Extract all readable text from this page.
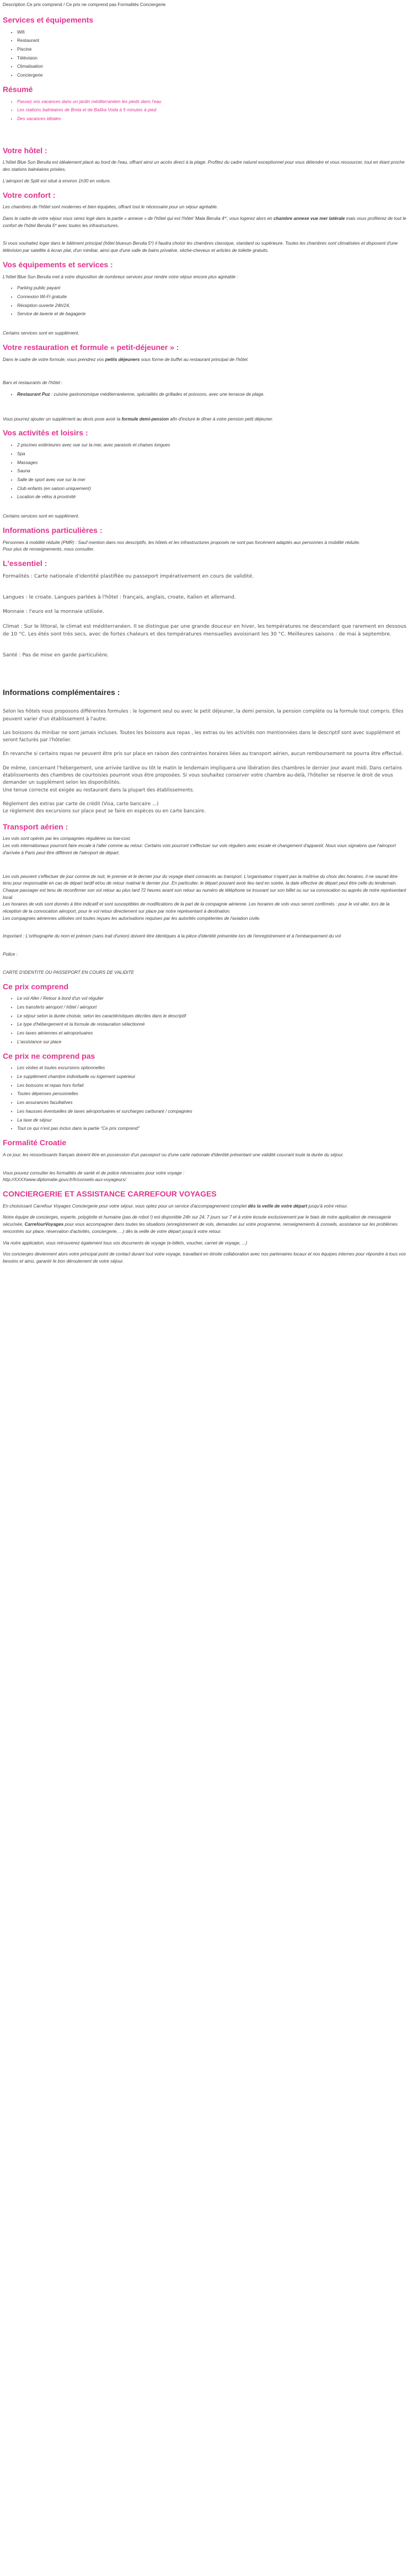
Description Ce prix comprend / Ce prix ne comprend pas Formalités Conciergerie

Services et équipements
• Wifi
• Restaurant
• Piscine
• Télévision
• Climatisation
• Conciergerie
Résumé
• Passez vos vacances dans un jardin méditerranéen les pieds dans l'eau
• Les stations balnéaires de Brela et de Baška Voda à 5 minutes à pied
• Des vacances idéales
Votre hôtel :

L'hôtel Blue Sun Berulia est idéalement placé au bord de l'eau, offrant ainsi un accès direct à la plage. Profitez du cadre naturel exceptionnel pour vous détendre et vous ressourcer, tout en étant proche des stations balnéaires prisées.

L'aéroport de Split est situé à environ 1h30 en voiture.

Votre confort :

Les chambres de l'hôtel sont modernes et bien équipées, offrant tout le nécessaire pour un séjour agréable.

Dans le cadre de votre séjour vous serez logé dans la partie « annexe » de l'hôtel qui est l'hôtel 'Mala Berulia 4*', vous logerez alors en chambre annexe vue mer latérale mais vous profiterez de tout le confort de l'hôtel Berulia 5* avec toutes les infrastructures.

Si vous souhaitez loger dans le bâtiment principal (hôtel bluesun Berulia 5*) il faudra choisir les chambres classique, standard ou supérieure. Toutes les chambres sont climatisées et disposent d'une télévision par satellite à écran plat, d'un minibar, ainsi que d'une salle de bains privative, sèche-cheveux et articles de toilette gratuits.

Vos équipements et services :

L'hôtel Blue Sun Berulia met à votre disposition de nombreux services pour rendre votre séjour encore plus agréable :

• Parking public payant
• Connexion Wi-Fi gratuite
• Réception ouverte 24h/24,
• Service de laverie et de bagagerie

Certains services sont en supplément.

Votre restauration et formule « petit-déjeuner » :

Dans le cadre de votre formule, vous prendrez vos petits déjeuners sous forme de buffet au restaurant principal de l'hôtel.

Bars et restaurants de l'hôtel :

• Restaurant Puz : cuisine gastronomique méditerranéenne, spécialités de grillades et poissons, avec une terrasse de plage.

Vous pourrez ajouter un supplément au devis pose avoir la formule demi-pension afin d'inclure le dîner à votre pension petit déjeuner.

Vos activités et loisirs :
• 2 piscines extérieures avec vue sur la mer, avec parasols et chaises longues
• Spa
• Massages
• Sauna
• Salle de sport avec vue sur la mer
• Club enfants (en saison uniquement)
• Location de vélos à proximité

Certains services sont en supplément.

Informations particulières :

Personnes à mobilité réduite (PMR) : Sauf mention dans nos descriptifs, les hôtels et les infrastructures proposés ne sont pas forcément adaptés aux personnes à mobilité réduite.

Pour plus de renseignements, nous consulter.

L'essentiel :

Formalités : Carte nationale d'identité plastifiée ou passeport impérativement en cours de validité.

Langues : le croate. Langues parlées à l'hôtel : français, anglais, croate, italien et allemand.

Monnaie : l'euro est la monnaie utilisée.

Climat : Sur le littoral, le climat est méditerranéen. Il se distingue par une grande douceur en hiver, les températures ne descendant que rarement en dessous de 10 °C. Les étés sont très secs, avec de fortes chaleurs et des températures mensuelles avoisinant les 30 °C. Meilleures saisons : de mai à septembre.

Santé : Pas de mise en garde particulière.

Informations complémentaires :

Selon les hôtels nous proposons différentes formules : le logement seul ou avec le petit déjeuner, la demi pension, la pension complète ou la formule tout compris. Elles peuvent varier d'un établissement à l'autre.

Les boissons du minibar ne sont jamais incluses. Toutes les boissons aux repas , les extras ou les activités non mentionnées dans le descriptif sont avec supplément et seront facturés par l'hôtelier.

En revanche si certains repas ne peuvent être pris sur place en raison des contraintes horaires liées au transport aérien, aucun remboursement ne pourra être effectué.

De même, concernant l'hébergement, une arrivée tardive ou tôt le matin le lendemain impliquera une libération des chambres le dernier jour avant midi. Dans certains établissements des chambres de courtoisies pourront vous être proposées. Si vous souhaitez conserver votre chambre au-delà, l'hôtelier se réserve le droit de vous demander un supplément selon les disponibilités.

Une tenue correcte est exigée au restaurant dans la plupart des établissements.

Règlement des extras par carte de crédit (Visa, carte bancaire ...)

Le règlement des excursions sur place peut se faire en espèces ou en carte bancaire.

Transport aérien :

Les vols sont opérés par les compagnies régulières ou low-cost.

Les vols internationaux pourront faire escale à l'aller comme au retour. Certains vols pourront s'effectuer sur vols réguliers avec escale et changement d'appareil. Nous vous signalons que l'aéroport d'arrivée à Paris peut être différent de l'aéroport de départ.

Les vols peuvent s'effectuer de jour comme de nuit, le premier et le dernier jour du voyage étant consacrés au transport. L'organisateur n'ayant pas la maîtrise du choix des horaires, il ne saurait être tenu pour responsable en cas de départ tardif et/ou de retour matinal le dernier jour. En particulier, le départ pouvant avoir lieu tard en soirée, la date effective de départ peut être celle du lendemain.

Chaque passager est tenu de reconfirmer son vol retour au plus tard 72 heures avant son retour au numéro de téléphone se trouvant sur son billet ou sur sa convocation ou auprès de notre représentant local.

Les horaires de vols sont donnés à titre indicatif et sont susceptibles de modifications de la part de la compagnie aérienne. Les horaires de vols vous seront confirmés : pour le vol aller, lors de la réception de la convocation aéroport, pour le vol retour directement sur place par notre représentant à destination.

Les compagnies aériennes utilisées ont toutes reçues les autorisations requises par les autorités compétentes de l'aviation civile.

Important : L'orthographe du nom et prénom (sans trait d'union) doivent être identiques à la pièce d'identité présentée lors de l'enregistrement et à l'embarquement du vol

Police :

CARTE D'IDENTITE OU PASSEPORT EN COURS DE VALIDITE

Ce prix comprend
• Le vol Aller / Retour à bord d'un vol régulier
• Les transferts aéroport / hôtel / aéroport
• Le séjour selon la durée choisie, selon les caractéristiques décrites dans le descriptif
• Le type d'hébergement et la formule de restauration sélectionné
• Les taxes aériennes et aéroportuaires
• L'assistance sur place
Ce prix ne comprend pas
• Les visites et toutes excursions optionnelles
• Le supplément chambre individuelle ou logement supérieur
• Les boissons et repas hors forfait
• Toutes dépenses personnelles
• Les assurances facultatives
• Les hausses éventuelles de taxes aéroportuaires et surcharges carburant / compagnies
• La taxe de séjour
• Tout ce qui n'est pas inclus dans la partie "Ce prix comprend"
Formalité Croatie

A ce jour, les ressortissants français doivent être en possession d'un passeport ou d'une carte nationale d'identité présentant une validité couvrant toute la durée du séjour.

Vous pouvez consulter les formalités de santé et de police nécessaires pour votre voyage :

http://XXXXwww.diplomatie.gouv.fr/fr/conseils-aux-voyageurs/

CONCIERGERIE ET ASSISTANCE CARREFOUR VOYAGES

En choisissant Carrefour Voyages Conciergerie pour votre séjour, vous optez pour un service d'accompagnement complet dès la veille de votre départ jusqu'à votre retour.

Notre équipe de concierges, experte, polyglotte et humaine (pas de robot !) est disponible 24h sur 24, 7 jours sur 7 et à votre écoute exclusivement par le biais de notre application de messagerie sécurisée, CarrefourVoyages pour vous accompagner dans toutes les situations (enregistrement de vols, demandes sur votre programme, renseignements & conseils, assistance sur les problèmes rencontrés sur place, réservation d'activités, conciergerie, ...) dès la veille de votre départ jusqu'à votre retour.

Via notre application, vous retrouverez également tous vos documents de voyage (e-billets, voucher, carnet de voyage, ...)

Vos concierges deviennent alors votre principal point de contact durant tout votre voyage, travaillant en étroite collaboration avec nos partenaires locaux et nos équipes internes pour répondre à tous vos besoins et ainsi, garantir le bon déroulement de votre séjour.
